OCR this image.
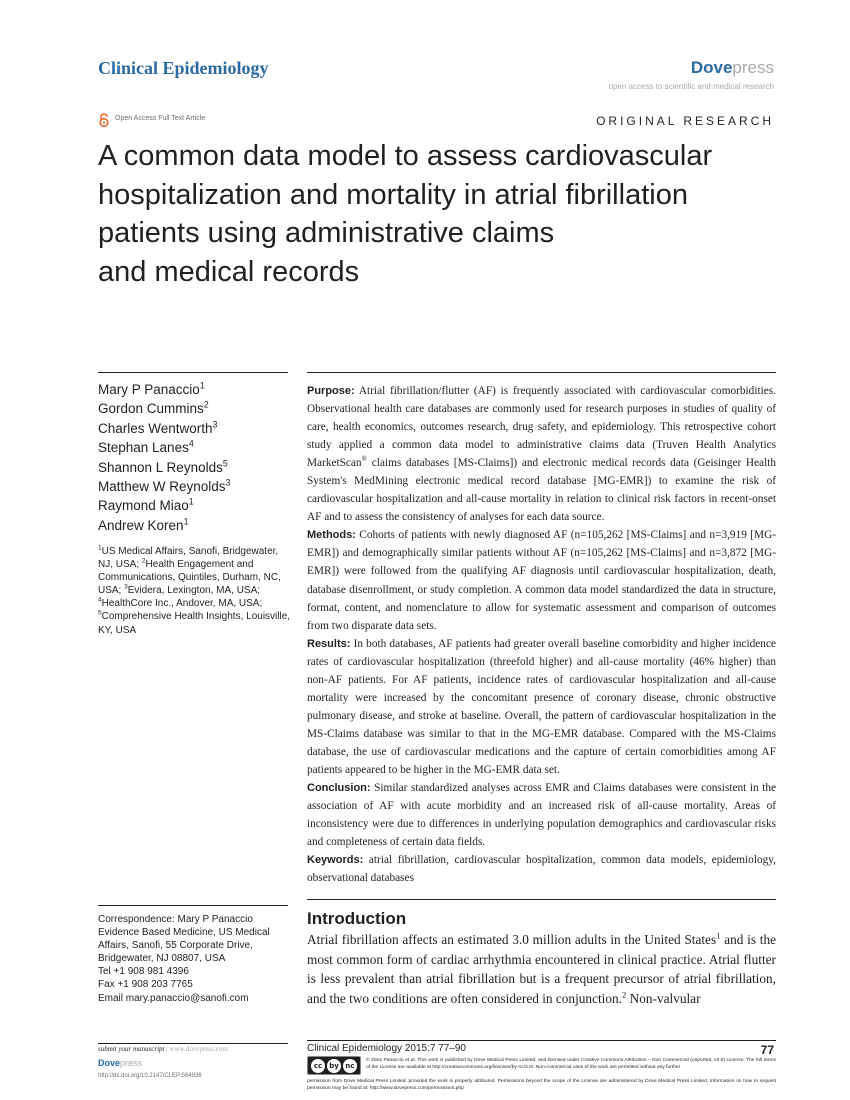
Clinical Epidemiology	Dovepress
open access to scientific and medical research
Open Access Full Text Article	ORIGINAL RESEARCH
A common data model to assess cardiovascular
hospitalization and mortality in atrial fibrillation
patients using administrative claims
and medical records
Mary P Panaccio$^1$
Gordon Cummins$^2$
Charles Wentworth$^3$
Stephan Lanes$^4$
Shannon L Reynolds$^5$
Matthew W Reynolds$^3$
Raymond Miao$^1$
Andrew Koren$^1$
$^1$US Medical Affairs, Sanofi, Bridgewater, NJ, USA; $^2$Health Engagement and Communications, Quintiles, Durham, NC, USA; $^3$Evidera, Lexington, MA, USA; $^4$HealthCore Inc., Andover, MA, USA; $^5$Comprehensive Health Insights, Louisville, KY, USA

Purpose: Atrial fibrillation/flutter (AF) is frequently associated with cardiovascular comorbidities. Observational health care databases are commonly used for research purposes in studies of quality of care, health economics, outcomes research, drug safety, and epidemiology. This retrospective cohort study applied a common data model to administrative claims data (Truven Health Analytics MarketScan® claims databases [MS-Claims]) and electronic medical records data (Geisinger Health System's MedMining electronic medical record database [MG-EMR]) to examine the risk of cardiovascular hospitalization and all-cause mortality in relation to clinical risk factors in recent-onset AF and to assess the consistency of analyses for each data source.

Methods: Cohorts of patients with newly diagnosed AF (n=105,262 [MS-Claims] and n=3,919 [MG-EMR]) and demographically similar patients without AF (n=105,262 [MS-Claims] and n=3,872 [MG-EMR]) were followed from the qualifying AF diagnosis until cardiovascular hospitalization, death, database disenrollment, or study completion. A common data model standardized the data in structure, format, content, and nomenclature to allow for systematic assessment and comparison of outcomes from two disparate data sets.

Results: In both databases, AF patients had greater overall baseline comorbidity and higher incidence rates of cardiovascular hospitalization (threefold higher) and all-cause mortality (46% higher) than non-AF patients. For AF patients, incidence rates of cardiovascular hospitalization and all-cause mortality were increased by the concomitant presence of coronary disease, chronic obstructive pulmonary disease, and stroke at baseline. Overall, the pattern of cardiovascular hospitalization in the MS-Claims database was similar to that in the MG-EMR database. Compared with the MS-Claims database, the use of cardiovascular medications and the capture of certain comorbidities among AF patients appeared to be higher in the MG-EMR data set.

Conclusion: Similar standardized analyses across EMR and Claims databases were consistent in the association of AF with acute morbidity and an increased risk of all-cause mortality. Areas of inconsistency were due to differences in underlying population demographics and cardiovascular risks and completeness of certain data fields.

Keywords: atrial fibrillation, cardiovascular hospitalization, common data models, epidemiology, observational databases

Correspondence: Mary P Panaccio
Evidence Based Medicine, US Medical
Affairs, Sanofi, 55 Corporate Drive,
Bridgewater, NJ 08807, USA
Tel +1 908 981 4396
Fax +1 908 203 7765
Email mary.panaccio@sanofi.com
Introduction
Atrial fibrillation affects an estimated 3.0 million adults in the United States$^1$ and is the most common form of cardiac arrhythmia encountered in clinical practice. Atrial flutter is less prevalent than atrial fibrillation but is a frequent precursor of atrial fibrillation, and the two conditions are often considered in conjunction.$^2$ Non-valvular
submit your manuscript | www.dovepress.com
Dovepress
http://dx.doi.org/10.2147/CLEP.S64936
Clinical Epidemiology 2015:7 77–90	77
cc	by nc
© 2015 Panaccio et al. This work is published by Dove Medical Press Limited, and licensed under Creative Commons Attribution – Non Commercial (unported, v3.0) License. The full terms of the License are available at http://creativecommons.org/licenses/by-nc/3.0/. Non-commercial uses of the work are permitted without any further
permission from Dove Medical Press Limited, provided the work is properly attributed. Permissions beyond the scope of the License are administered by Dove Medical Press Limited. Information on how to request permission may be found at: http://www.dovepress.com/permissions.php
